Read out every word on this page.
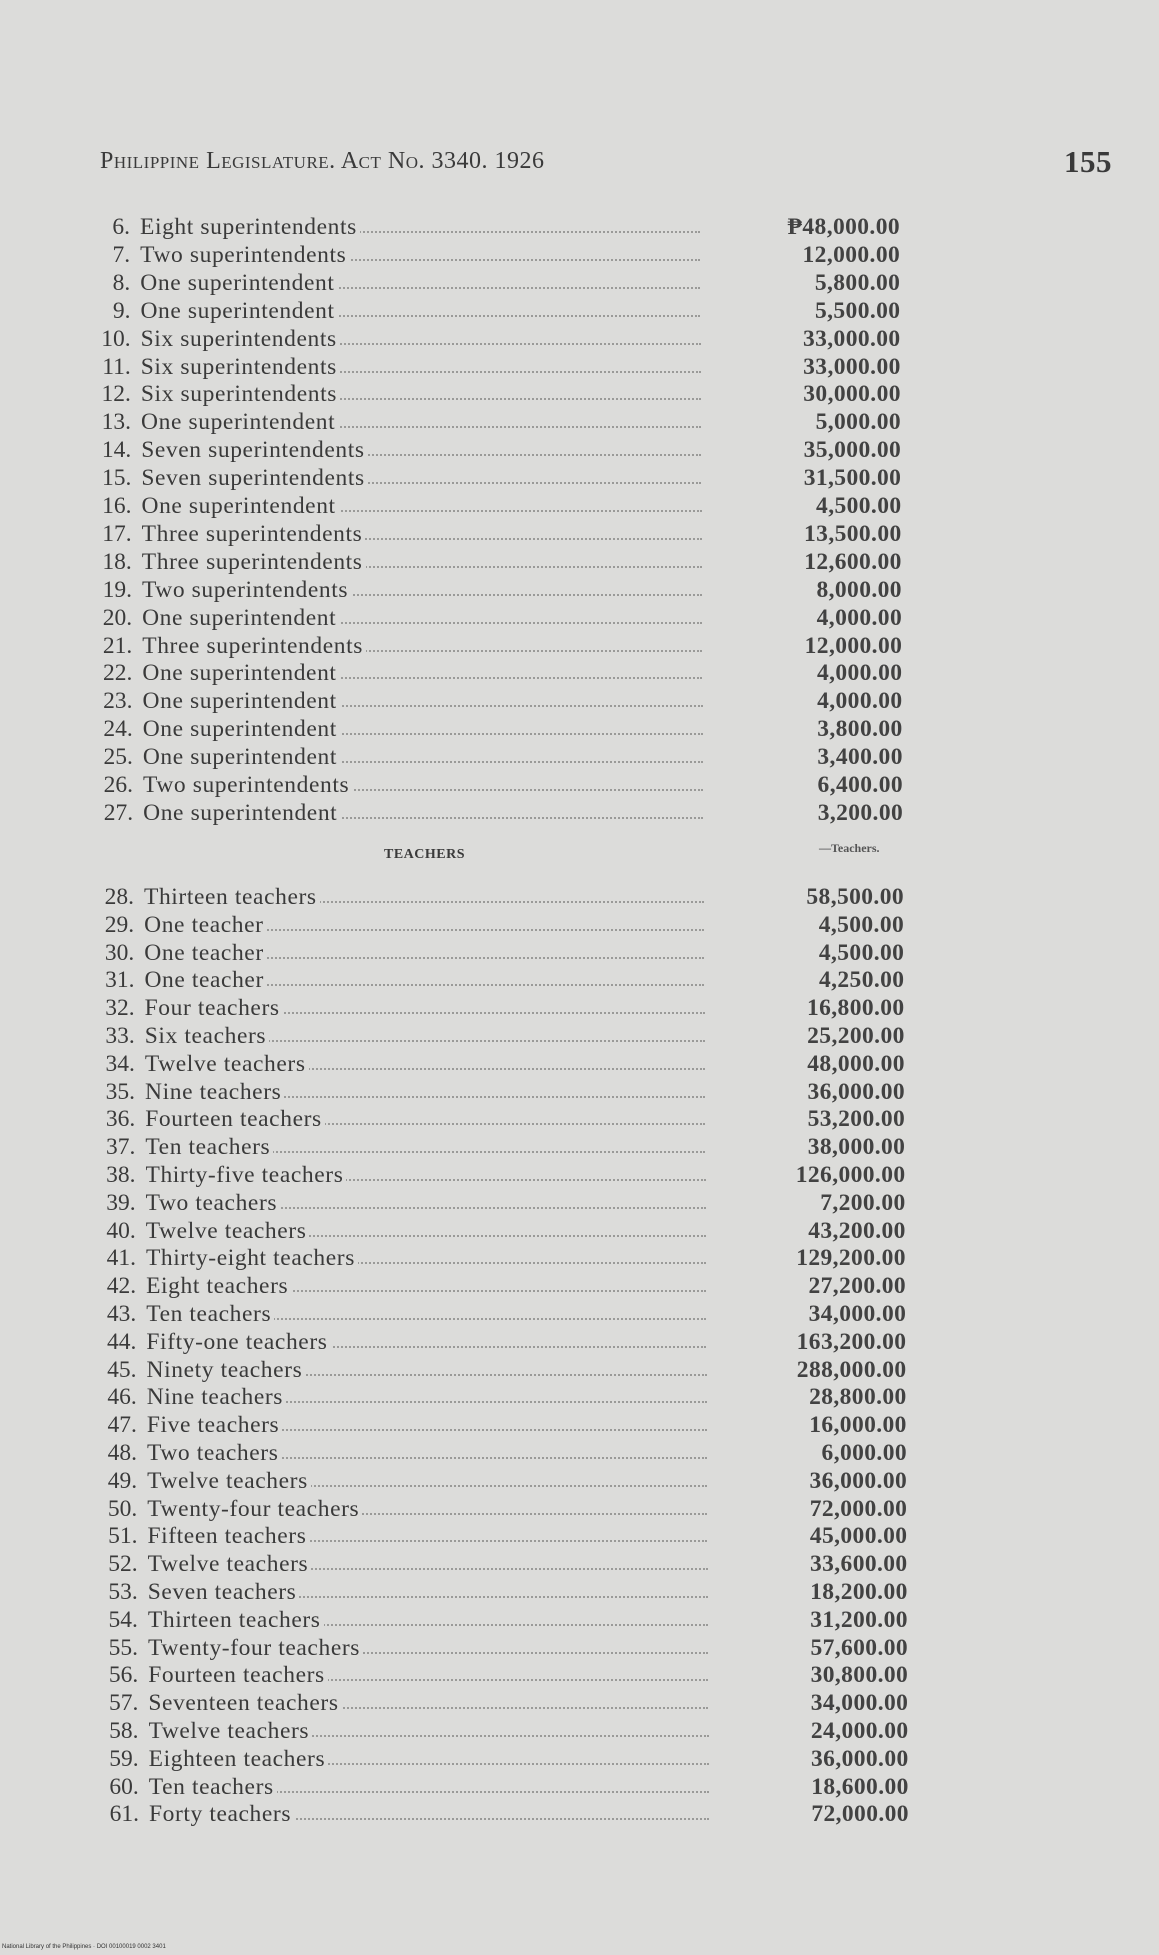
Philippine Legislature. Act No. 3340. 1926	155
6. Eight superintendents	₱48,000.00
7. Two superintendents	12,000.00
8. One superintendent	5,800.00
9. One superintendent	5,500.00
10. Six superintendents	33,000.00
11. Six superintendents	33,000.00
12. Six superintendents	30,000.00
13. One superintendent	5,000.00
14. Seven superintendents	35,000.00
15. Seven superintendents	31,500.00
16. One superintendent	4,500.00
17. Three superintendents	13,500.00
18. Three superintendents	12,600.00
19. Two superintendents	8,000.00
20. One superintendent	4,000.00
21. Three superintendents	12,000.00
22. One superintendent	4,000.00
23. One superintendent	4,000.00
24. One superintendent	3,800.00
25. One superintendent	3,400.00
26. Two superintendents	6,400.00
27. One superintendent	3,200.00
TEACHERS	—Teachers.
28. Thirteen teachers	58,500.00
29. One teacher	4,500.00
30. One teacher	4,500.00
31. One teacher	4,250.00
32. Four teachers	16,800.00
33. Six teachers	25,200.00
34. Twelve teachers	48,000.00
35. Nine teachers	36,000.00
36. Fourteen teachers	53,200.00
37. Ten teachers	38,000.00
38. Thirty-five teachers	126,000.00
39. Two teachers	7,200.00
40. Twelve teachers	43,200.00
41. Thirty-eight teachers	129,200.00
42. Eight teachers	27,200.00
43. Ten teachers	34,000.00
44. Fifty-one teachers	163,200.00
45. Ninety teachers	288,000.00
46. Nine teachers	28,800.00
47. Five teachers	16,000.00
48. Two teachers	6,000.00
49. Twelve teachers	36,000.00
50. Twenty-four teachers	72,000.00
51. Fifteen teachers	45,000.00
52. Twelve teachers	33,600.00
53. Seven teachers	18,200.00
54. Thirteen teachers	31,200.00
55. Twenty-four teachers	57,600.00
56. Fourteen teachers	30,800.00
57. Seventeen teachers	34,000.00
58. Twelve teachers	24,000.00
59. Eighteen teachers	36,000.00
60. Ten teachers	18,600.00
61. Forty teachers	72,000.00
National Library of the Philippines · DOI 00100019 0002 3401
